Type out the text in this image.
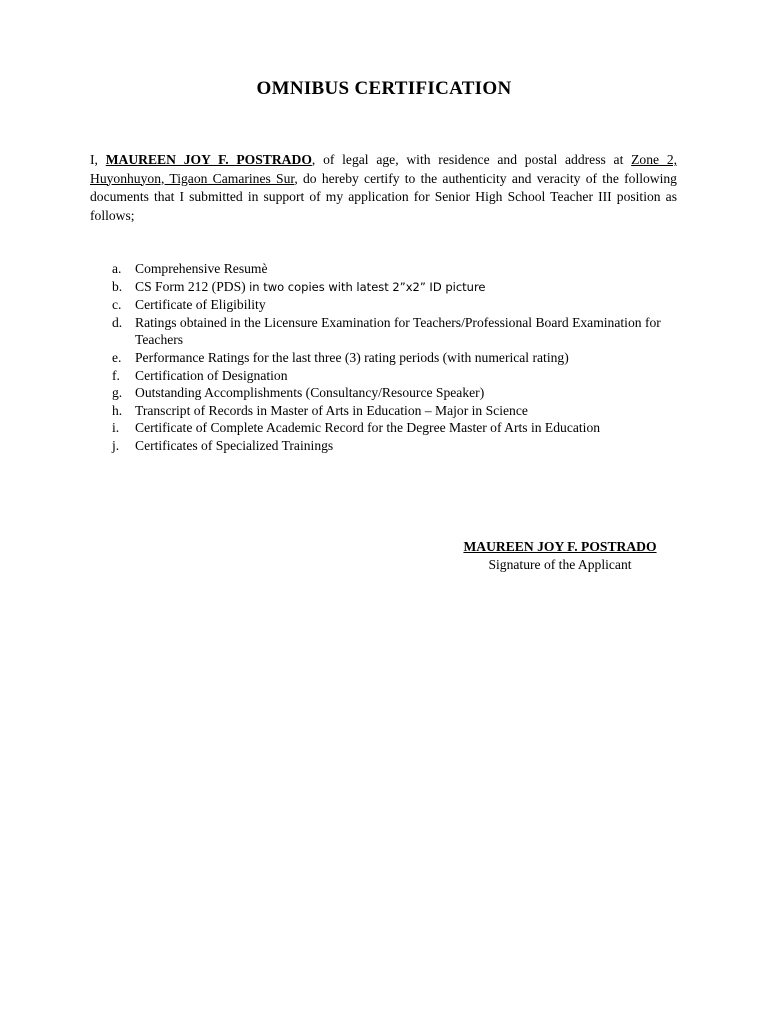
OMNIBUS CERTIFICATION

I, MAUREEN JOY F. POSTRADO, of legal age, with residence and postal address at Zone 2, Huyonhuyon, Tigaon Camarines Sur, do hereby certify to the authenticity and veracity of the following documents that I submitted in support of my application for Senior High School Teacher III position as follows;

a. Comprehensive Resumè
b. CS Form 212 (PDS) in two copies with latest 2”x2” ID picture
c. Certificate of Eligibility
d. Ratings obtained in the Licensure Examination for Teachers/Professional Board Examination for Teachers
e. Performance Ratings for the last three (3) rating periods (with numerical rating)
f. Certification of Designation
g. Outstanding Accomplishments (Consultancy/Resource Speaker)
h. Transcript of Records in Master of Arts in Education – Major in Science
i. Certificate of Complete Academic Record for the Degree Master of Arts in Education
j. Certificates of Specialized Trainings
MAUREEN JOY F. POSTRADO
Signature of the Applicant
